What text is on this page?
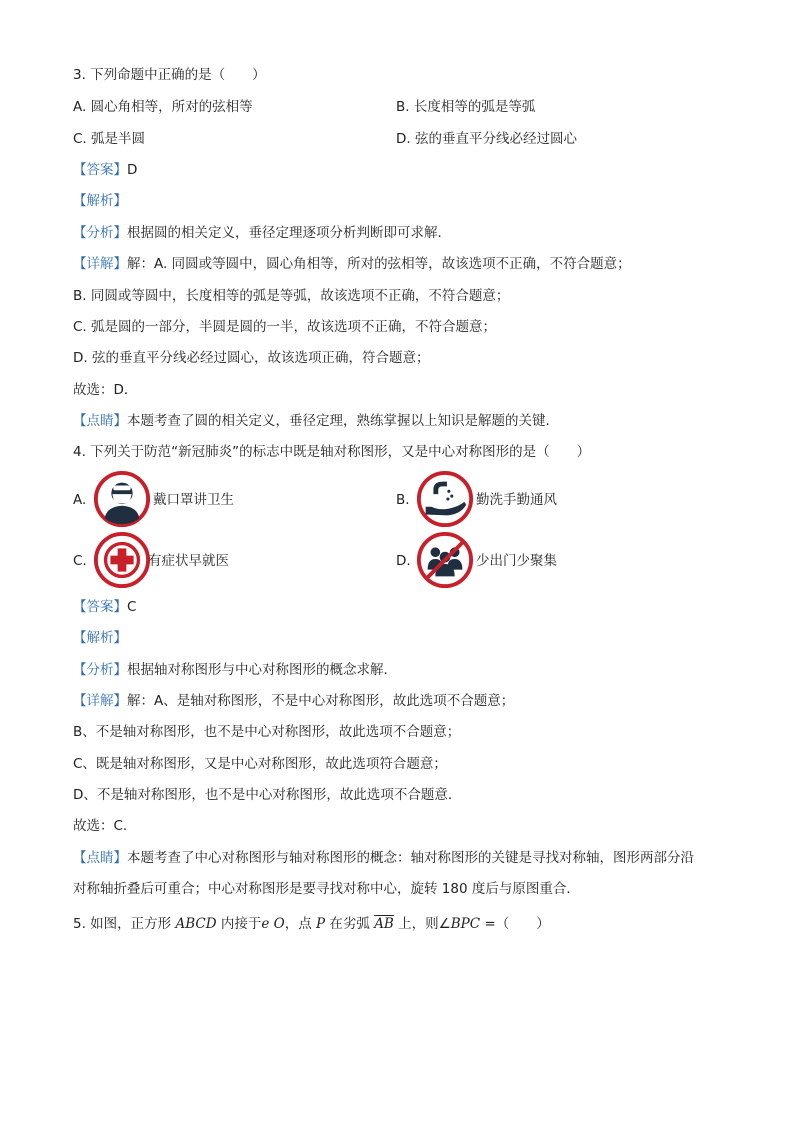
3. 下列命题中正确的是（　　）
A. 圆心角相等，所对的弦相等	B. 长度相等的弧是等弧
C. 弧是半圆	D. 弦的垂直平分线必经过圆心
【答案】D
【解析】
【分析】根据圆的相关定义，垂径定理逐项分析判断即可求解．
【详解】解：A. 同圆或等圆中，圆心角相等，所对的弦相等，故该选项不正确，不符合题意；
B. 同圆或等圆中，长度相等的弧是等弧，故该选项不正确，不符合题意；
C. 弧是圆的一部分，半圆是圆的一半，故该选项不正确，不符合题意；
D. 弦的垂直平分线必经过圆心，故该选项正确，符合题意；
故选：D．
【点睛】本题考查了圆的相关定义，垂径定理，熟练掌握以上知识是解题的关键．
4. 下列关于防范“新冠肺炎”的标志中既是轴对称图形，又是中心对称图形的是（　　）
A.	戴口罩讲卫生	B.	勤洗手勤通风
C.	有症状早就医	D.	少出门少聚集
【答案】C
【解析】
【分析】根据轴对称图形与中心对称图形的概念求解．
【详解】解：A、是轴对称图形，不是中心对称图形，故此选项不合题意；
B、不是轴对称图形，也不是中心对称图形，故此选项不合题意；
C、既是轴对称图形，又是中心对称图形，故此选项符合题意；
D、不是轴对称图形，也不是中心对称图形，故此选项不合题意．
故选：C．
【点睛】本题考查了中心对称图形与轴对称图形的概念：轴对称图形的关键是寻找对称轴，图形两部分沿
对称轴折叠后可重合；中心对称图形是要寻找对称中心，旋转 180 度后与原图重合．
5. 如图，正方形 ABCD 内接于e O，点 P 在劣弧 $\overline{AB}$ 上，则∠BPC =（　　）
